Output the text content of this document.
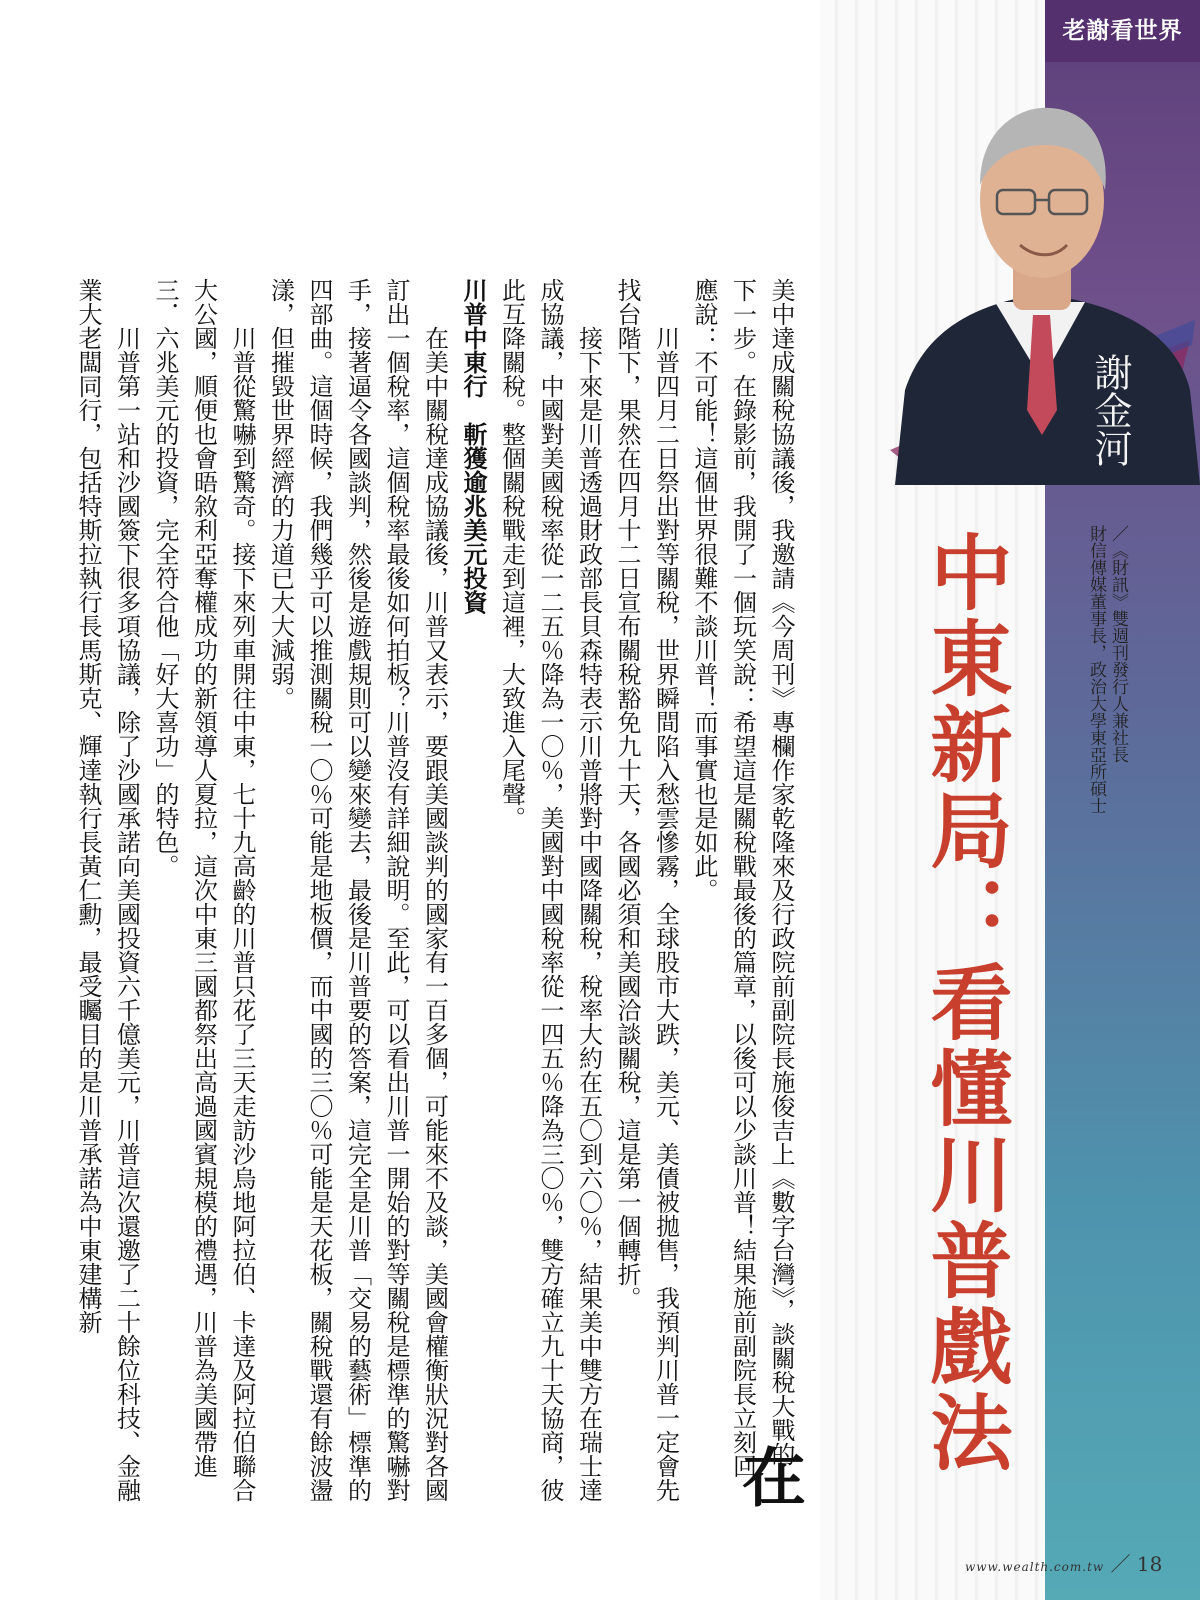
老謝看世界
謝金河
／《財訊》雙週刊發行人兼社長
財信傳媒董事長，政治大學東亞所碩士
中東新局：看懂川普戲法

在
美中達成關稅協議後，我邀請《今周刊》專欄作家乾隆來及行政院前副院長施俊吉上《數字台灣》，談關稅大戰的下一步。在錄影前，我開了一個玩笑說：希望這是關稅戰最後的篇章，以後可以少談川普！結果施前副院長立刻回應說：不可能！這個世界很難不談川普！而事實也是如此。

川普四月二日祭出對等關稅，世界瞬間陷入愁雲慘霧，全球股市大跌，美元、美債被拋售，我預判川普一定會先找台階下，果然在四月十二日宣布關稅豁免九十天，各國必須和美國洽談關稅，這是第一個轉折。

接下來是川普透過財政部長貝森特表示川普將對中國降關稅，稅率大約在五〇到六〇％，結果美中雙方在瑞士達成協議，中國對美國稅率從一二五％降為一〇％，美國對中國稅率從一四五％降為三〇％，雙方確立九十天協商，彼此互降關稅。整個關稅戰走到這裡，大致進入尾聲。

川普中東行　斬獲逾兆美元投資

在美中關稅達成協議後，川普又表示，要跟美國談判的國家有一百多個，可能來不及談，美國會權衡狀況對各國訂出一個稅率，這個稅率最後如何拍板？川普沒有詳細說明。至此，可以看出川普一開始的對等關稅是標準的驚嚇對手，接著逼令各國談判，然後是遊戲規則可以變來變去，最後是川普要的答案，這完全是川普「交易的藝術」標準的四部曲。這個時候，我們幾乎可以推測關稅一〇％可能是地板價，而中國的三〇％可能是天花板，關稅戰還有餘波盪漾，但摧毀世界經濟的力道已大大減弱。

川普從驚嚇到驚奇。接下來列車開往中東，七十九高齡的川普只花了三天走訪沙烏地阿拉伯、卡達及阿拉伯聯合大公國，順便也會晤敘利亞奪權成功的新領導人夏拉，這次中東三國都祭出高過國賓規模的禮遇，川普為美國帶進三．六兆美元的投資，完全符合他「好大喜功」的特色。

川普第一站和沙國簽下很多項協議，除了沙國承諾向美國投資六千億美元，川普這次還邀了二十餘位科技、金融業大老闆同行，包括特斯拉執行長馬斯克、輝達執行長黃仁勳，最受矚目的是川普承諾為中東建構新

www.wealth.com.tw ／ 18
